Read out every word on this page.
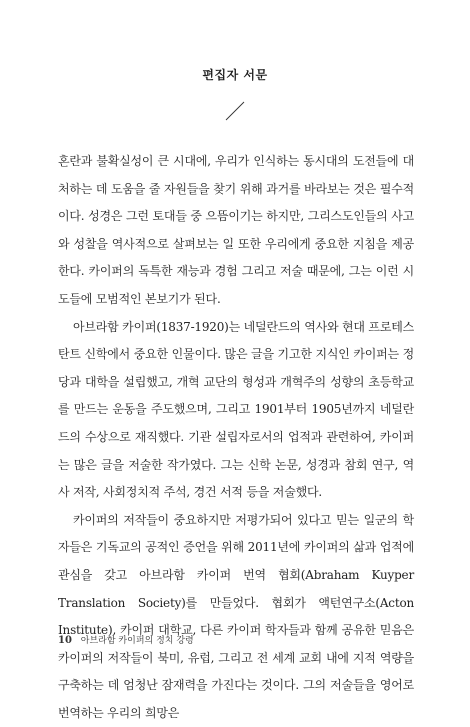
편집자 서문

혼란과 불확실성이 큰 시대에, 우리가 인식하는 동시대의 도전들에 대처하는 데 도움을 줄 자원들을 찾기 위해 과거를 바라보는 것은 필수적이다. 성경은 그런 토대들 중 으뜸이기는 하지만, 그리스도인들의 사고와 성찰을 역사적으로 살펴보는 일 또한 우리에게 중요한 지침을 제공한다. 카이퍼의 독특한 재능과 경험 그리고 저술 때문에, 그는 이런 시도들에 모범적인 본보기가 된다.

아브라함 카이퍼(1837-1920)는 네덜란드의 역사와 현대 프로테스탄트 신학에서 중요한 인물이다. 많은 글을 기고한 지식인 카이퍼는 정당과 대학을 설립했고, 개혁 교단의 형성과 개혁주의 성향의 초등학교를 만드는 운동을 주도했으며, 그리고 1901부터 1905년까지 네덜란드의 수상으로 재직했다. 기관 설립자로서의 업적과 관련하여, 카이퍼는 많은 글을 저술한 작가였다. 그는 신학 논문, 성경과 참회 연구, 역사 저작, 사회정치적 주석, 경건 서적 등을 저술했다.

카이퍼의 저작들이 중요하지만 저평가되어 있다고 믿는 일군의 학자들은 기독교의 공적인 증언을 위해 2011년에 카이퍼의 삶과 업적에 관심을 갖고 아브라함 카이퍼 번역 협회(Abraham Kuyper Translation Society)를 만들었다. 협회가 액턴연구소(Acton Institute), 카이퍼 대학교, 다른 카이퍼 학자들과 함께 공유한 믿음은 카이퍼의 저작들이 북미, 유럽, 그리고 전 세계 교회 내에 지적 역량을 구축하는 데 엄청난 잠재력을 가진다는 것이다. 그의 저술들을 영어로 번역하는 우리의 희망은

10 아브라함 카이퍼의 정치 강령
